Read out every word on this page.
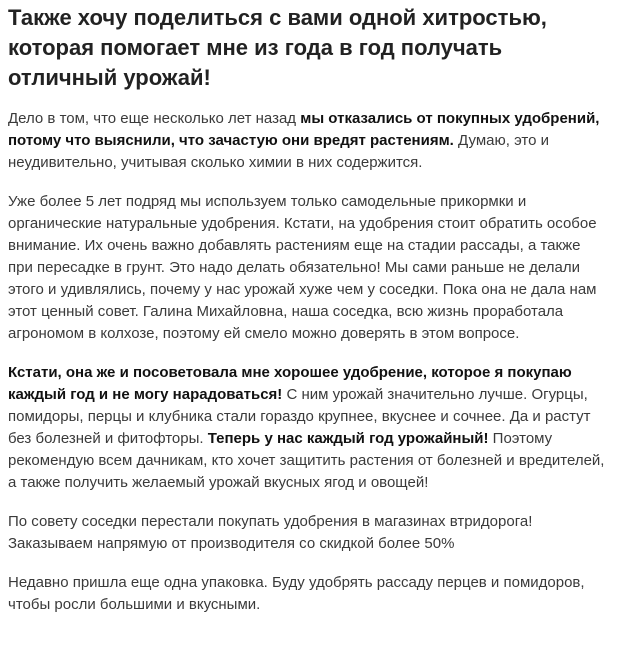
Также хочу поделиться с вами одной хитростью, которая помогает мне из года в год получать отличный урожай!

Дело в том, что еще несколько лет назад мы отказались от покупных удобрений, потому что выяснили, что зачастую они вредят растениям. Думаю, это и неудивительно, учитывая сколько химии в них содержится.

Уже более 5 лет подряд мы используем только самодельные прикормки и органические натуральные удобрения. Кстати, на удобрения стоит обратить особое внимание. Их очень важно добавлять растениям еще на стадии рассады, а также при пересадке в грунт. Это надо делать обязательно! Мы сами раньше не делали этого и удивлялись, почему у нас урожай хуже чем у соседки. Пока она не дала нам этот ценный совет. Галина Михайловна, наша соседка, всю жизнь проработала агрономом в колхозе, поэтому ей смело можно доверять в этом вопросе.

Кстати, она же и посоветовала мне хорошее удобрение, которое я покупаю каждый год и не могу нарадоваться! С ним урожай значительно лучше. Огурцы, помидоры, перцы и клубника стали гораздо крупнее, вкуснее и сочнее. Да и растут без болезней и фитофторы. Теперь у нас каждый год урожайный! Поэтому рекомендую всем дачникам, кто хочет защитить растения от болезней и вредителей, а также получить желаемый урожай вкусных ягод и овощей!

По совету соседки перестали покупать удобрения в магазинах втридорога! Заказываем напрямую от производителя со скидкой более 50%

Недавно пришла еще одна упаковка. Буду удобрять рассаду перцев и помидоров, чтобы росли большими и вкусными.
